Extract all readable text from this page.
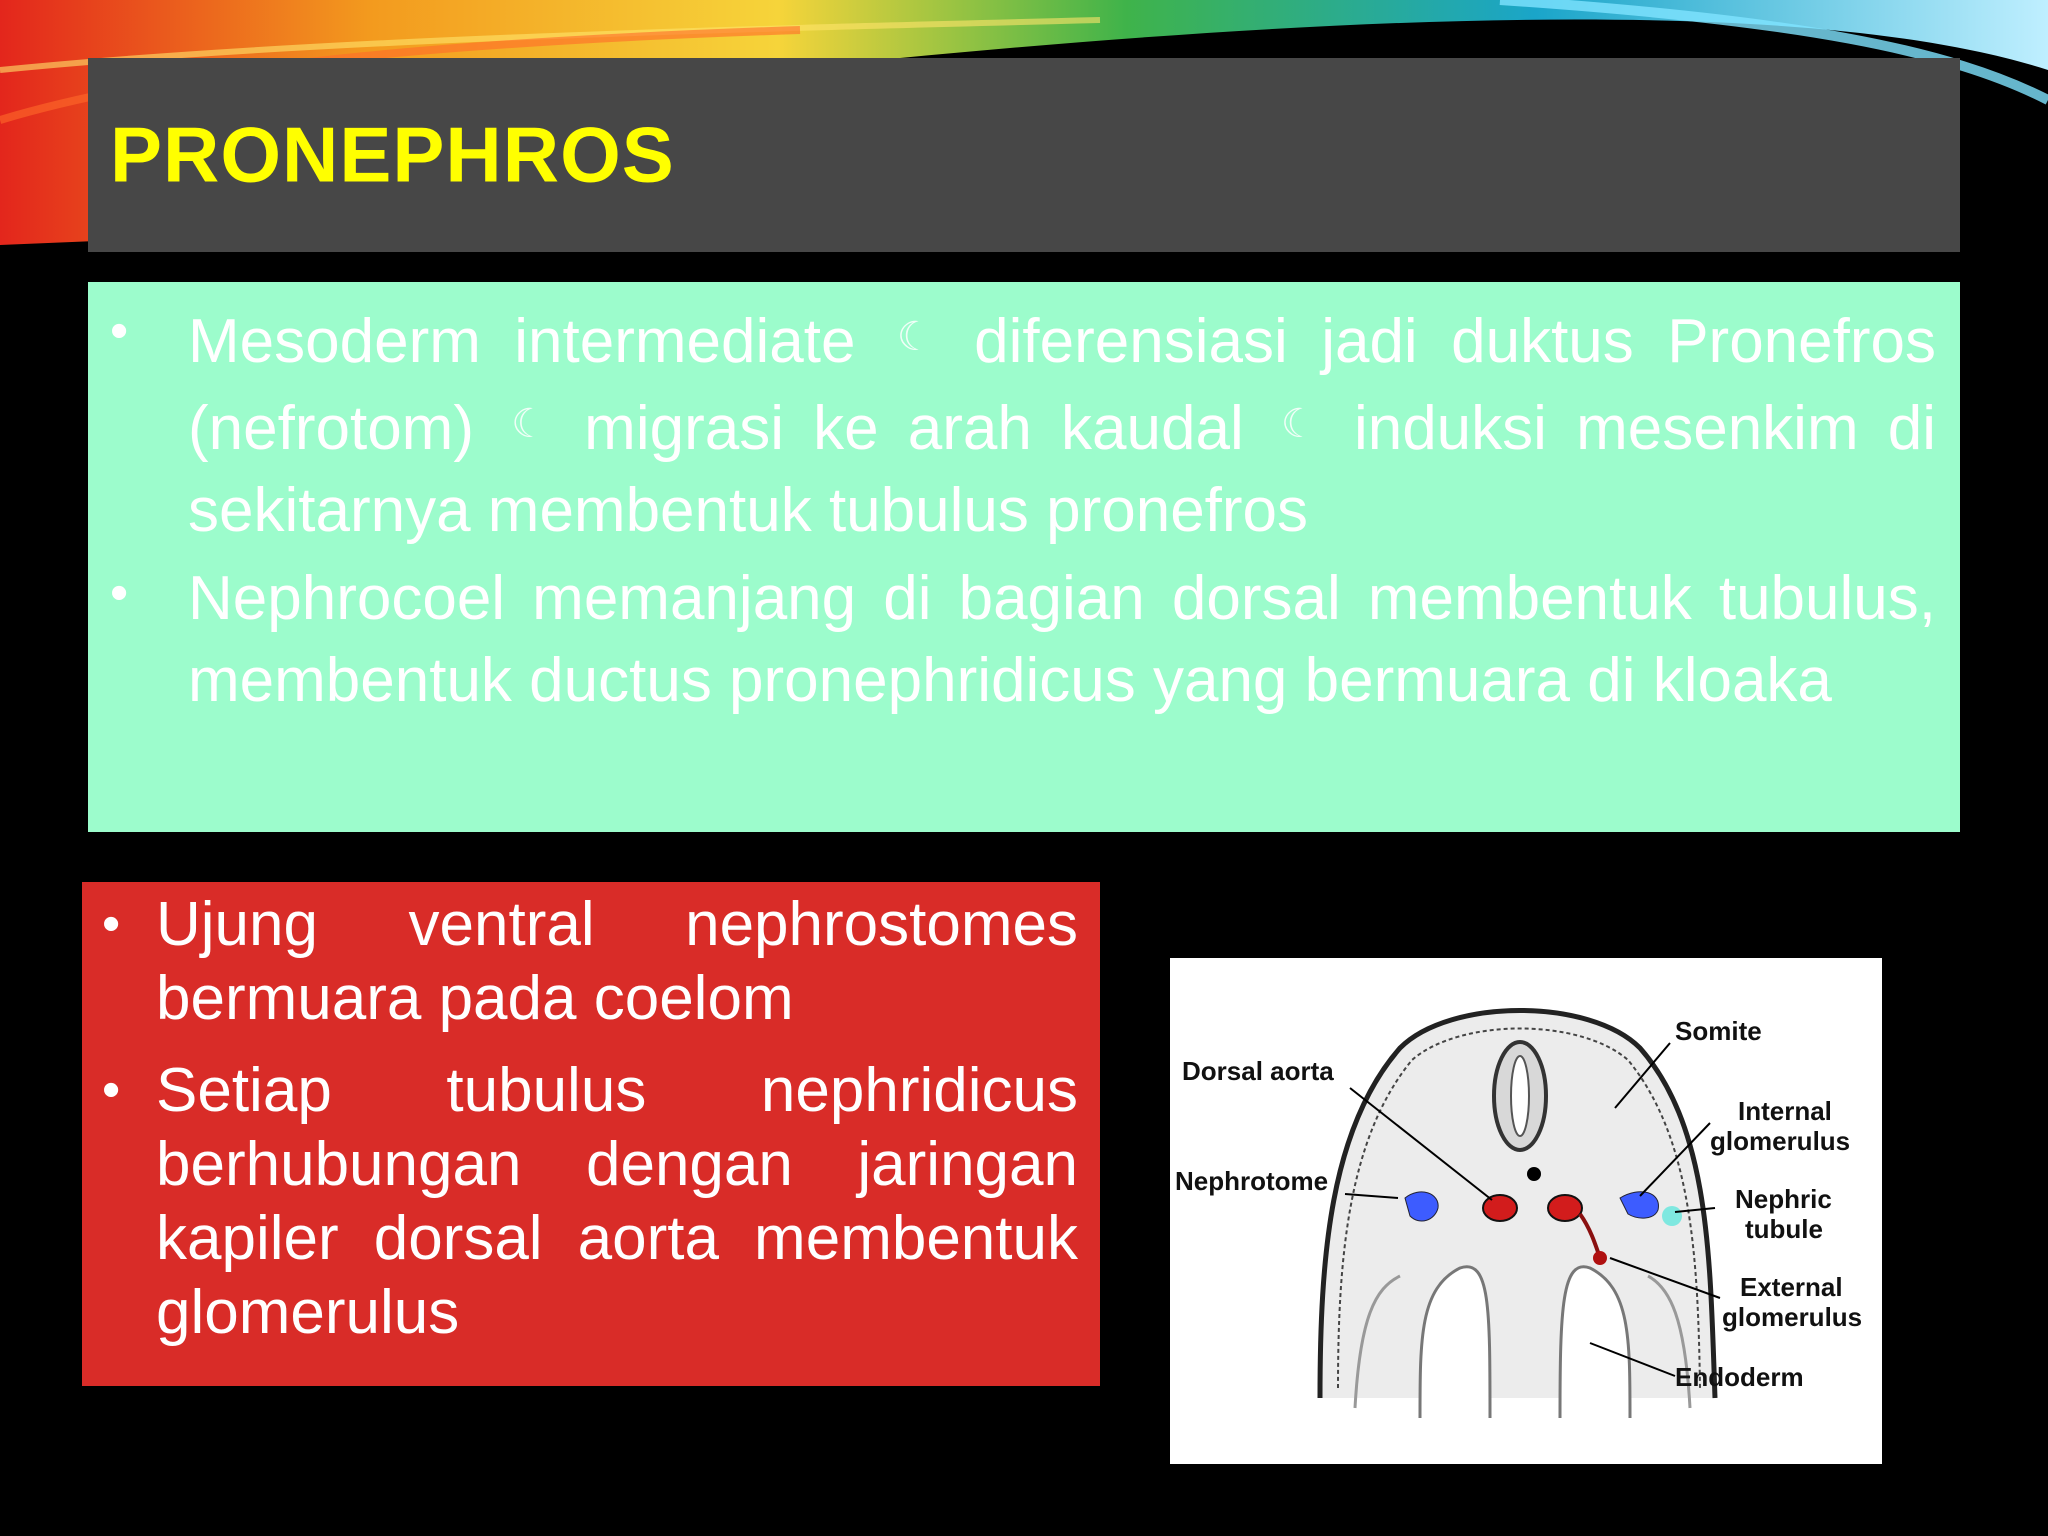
PRONEPHROS
• Mesoderm intermediate ☾ diferensiasi jadi duktus Pronefros (nefrotom) ☾ migrasi ke arah kaudal ☾ induksi mesenkim di sekitarnya membentuk tubulus pronefros
• Nephrocoel memanjang di bagian dorsal membentuk tubulus, membentuk ductus pronephridicus yang bermuara di kloaka
• Ujung ventral nephrostomes bermuara pada coelom
• Setiap tubulus nephridicus berhubungan dengan jaringan kapiler dorsal aorta membentuk glomerulus
Somite
Dorsal aorta
Internal
glomerulus
Nephrotome
Nephric
tubule
External
glomerulus
Endoderm
